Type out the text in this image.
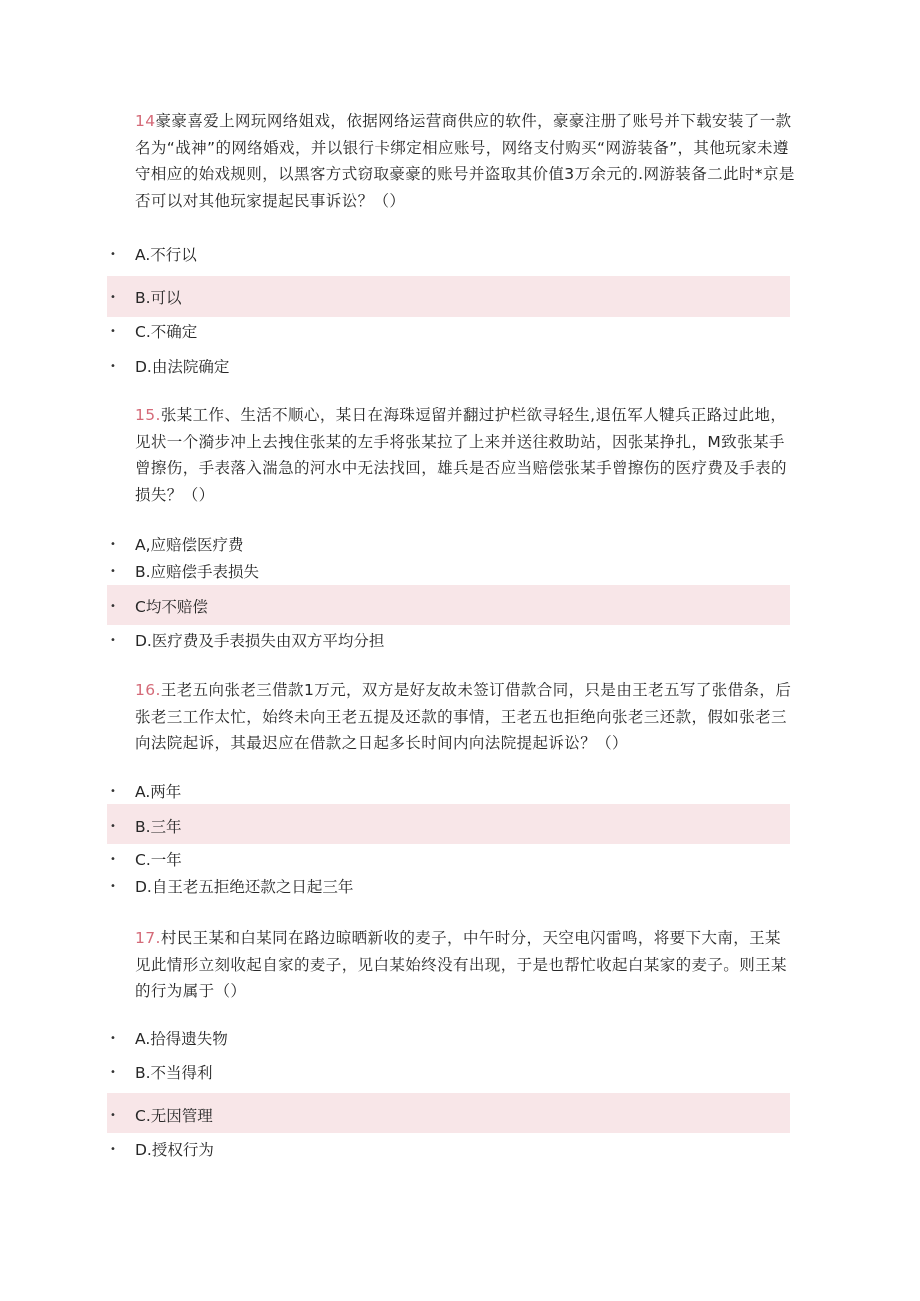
14豪豪喜爱上网玩网络姐戏，依据网络运营商供应的软件，豪豪注册了账号并下载安装了一款名为“战神”的网络婚戏，并以银行卡绑定相应账号，网络支付购买“网游装备”，其他玩家未遵守相应的始戏规则，以黑客方式窃取豪豪的账号并盗取其价值3万余元的.网游装备二此时*京是否可以对其他玩家提起民事诉讼？（）
• A.不行以
• B.可以
• C.不确定
• D.由法院确定
15.张某工作、生活不顺心，某日在海珠逗留并翻过护栏欲寻轻生,退伍军人犍兵正路过此地，见状一个漪步冲上去拽住张某的左手将张某拉了上来并送往救助站，因张某挣扎，M致张某手曾擦伤，手表落入湍急的河水中无法找回，雄兵是否应当赔偿张某手曾擦伤的医疗费及手表的损失？（）
• A,应赔偿医疗费
• B.应赔偿手表损失
• C均不赔偿
• D.医疗费及手表损失由双方平均分担
16.王老五向张老三借款1万元，双方是好友故未签订借款合同，只是由王老五写了张借条，后张老三工作太忙，始终未向王老五提及还款的事情，王老五也拒绝向张老三还款，假如张老三向法院起诉，其最迟应在借款之日起多长时间内向法院提起诉讼？（）
• A.两年
• B.三年
• C.一年
• D.自王老五拒绝还款之日起三年
17.村民王某和白某同在路边晾晒新收的麦子，中午时分，天空电闪雷鸣，将要下大南，王某见此情形立刻收起自家的麦子，见白某始终没有出现，于是也帮忙收起白某家的麦子。则王某的行为属于（）
• A.拾得遗失物
• B.不当得利
• C.无因管理
• D.授权行为
